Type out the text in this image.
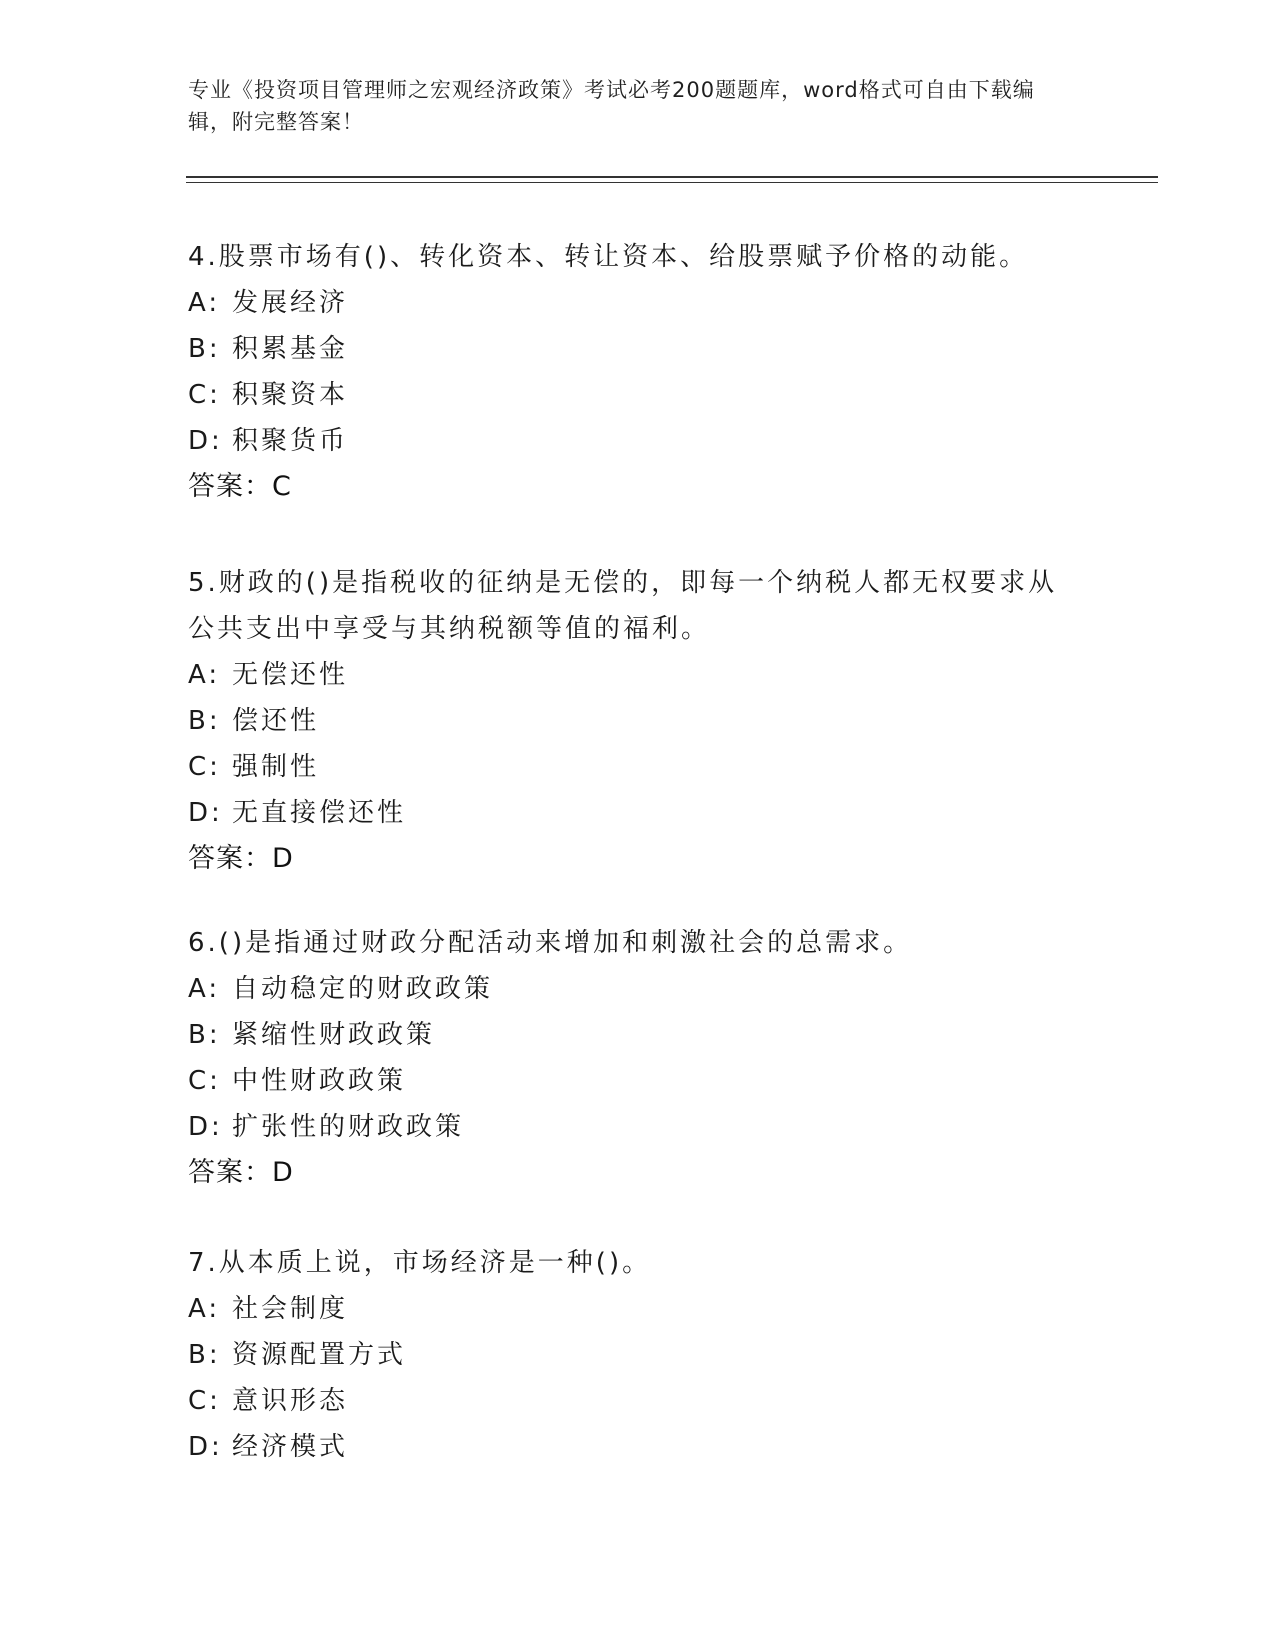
专业《投资项目管理师之宏观经济政策》考试必考200题题库，word格式可自由下载编辑，附完整答案！

4.股票市场有()、转化资本、转让资本、给股票赋予价格的动能。

A: 发展经济
B: 积累基金
C: 积聚资本
D: 积聚货币
答案：C

5.财政的()是指税收的征纳是无偿的，即每一个纳税人都无权要求从公共支出中享受与其纳税额等值的福利。

A: 无偿还性
B: 偿还性
C: 强制性
D: 无直接偿还性
答案：D

6.()是指通过财政分配活动来增加和刺激社会的总需求。

A: 自动稳定的财政政策
B: 紧缩性财政政策
C: 中性财政政策
D: 扩张性的财政政策
答案：D

7.从本质上说，市场经济是一种()。

A: 社会制度
B: 资源配置方式
C: 意识形态
D: 经济模式
